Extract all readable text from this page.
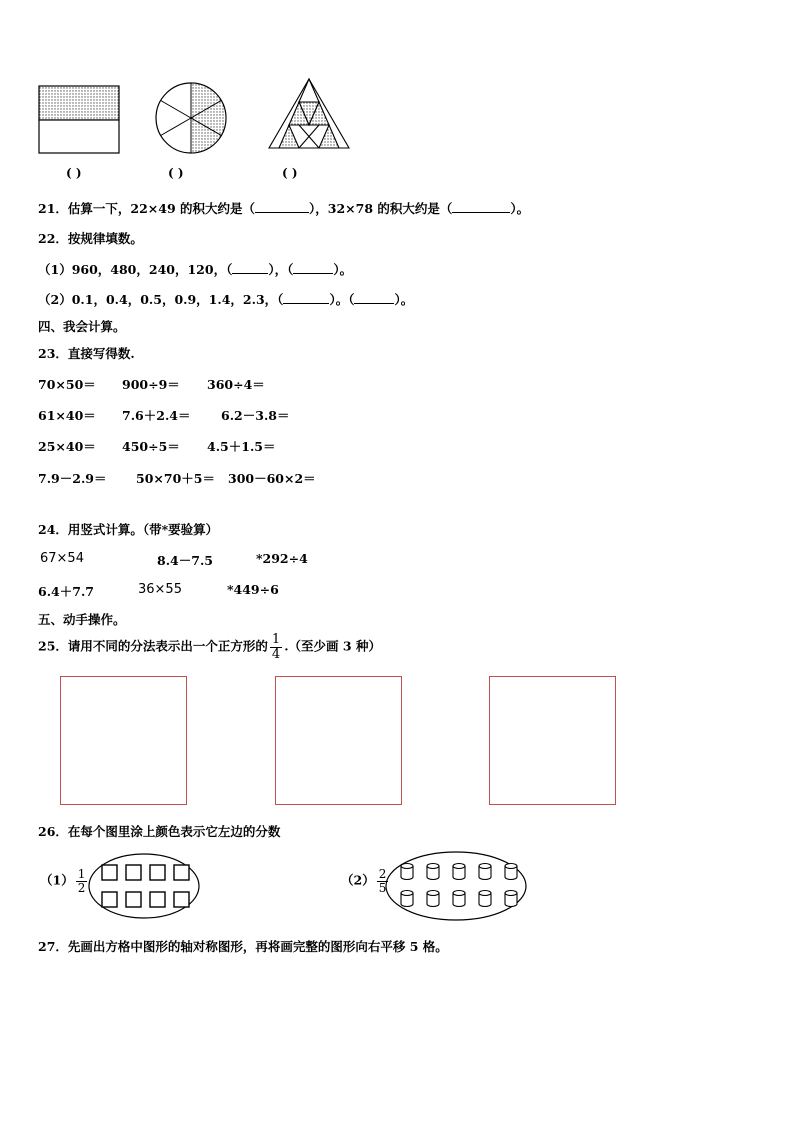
( )	( )	( )
21．估算一下，22×49 的积大约是（	），32×78 的积大约是（	）。
22．按规律填数。
（1）960，480，240，120，（	），（	）。
（2）0.1，0.4，0.5，0.9，1.4，2.3，（	）。（	）。
四、我会计算。
23．直接写得数.
70×50＝ 900÷9＝ 360÷4＝
61×40＝ 7.6＋2.4＝ 6.2－3.8＝
25×40＝ 450÷5＝ 4.5＋1.5＝
7.9－2.9＝ 50×70＋5＝ 300－60×2＝
24．用竖式计算。（带*要验算）
67×54	8.4－7.5	*292÷4
6.4＋7.7	36×55	*449÷6
五、动手操作。
25．请用不同的分法表示出一个正方形的 $\frac{1}{4}$ .（至少画 3 种）
26．在每个图里涂上颜色表示它左边的分数
$(1) \frac{1}{2}$	$(2) \frac{2}{5}$
27．先画出方格中图形的轴对称图形，再将画完整的图形向右平移 5 格。
